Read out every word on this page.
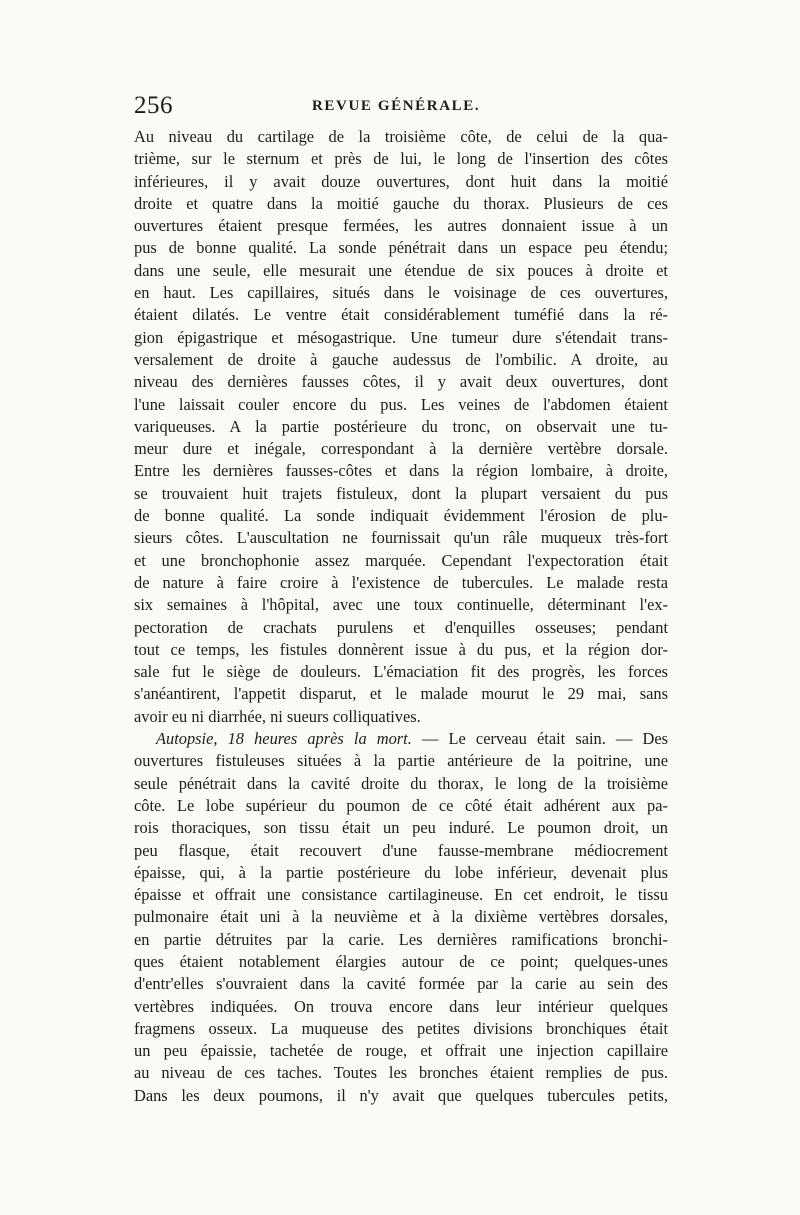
256	REVUE GÉNÉRALE.
Au niveau du cartilage de la troisième côte, de celui de la qua-
trième, sur le sternum et près de lui, le long de l'insertion des côtes
inférieures, il y avait douze ouvertures, dont huit dans la moitié
droite et quatre dans la moitié gauche du thorax. Plusieurs de ces
ouvertures étaient presque fermées, les autres donnaient issue à un
pus de bonne qualité. La sonde pénétrait dans un espace peu étendu;
dans une seule, elle mesurait une étendue de six pouces à droite et
en haut. Les capillaires, situés dans le voisinage de ces ouvertures,
étaient dilatés. Le ventre était considérablement tuméfié dans la ré-
gion épigastrique et mésogastrique. Une tumeur dure s'étendait trans-
versalement de droite à gauche audessus de l'ombilic. A droite, au
niveau des dernières fausses côtes, il y avait deux ouvertures, dont
l'une laissait couler encore du pus. Les veines de l'abdomen étaient
variqueuses. A la partie postérieure du tronc, on observait une tu-
meur dure et inégale, correspondant à la dernière vertèbre dorsale.
Entre les dernières fausses-côtes et dans la région lombaire, à droite,
se trouvaient huit trajets fistuleux, dont la plupart versaient du pus
de bonne qualité. La sonde indiquait évidemment l'érosion de plu-
sieurs côtes. L'auscultation ne fournissait qu'un râle muqueux très-fort
et une bronchophonie assez marquée. Cependant l'expectoration était
de nature à faire croire à l'existence de tubercules. Le malade resta
six semaines à l'hôpital, avec une toux continuelle, déterminant l'ex-
pectoration de crachats purulens et d'enquilles osseuses; pendant
tout ce temps, les fistules donnèrent issue à du pus, et la région dor-
sale fut le siège de douleurs. L'émaciation fit des progrès, les forces
s'anéantirent, l'appetit disparut, et le malade mourut le 29 mai, sans
avoir eu ni diarrhée, ni sueurs colliquatives.
Autopsie, 18 heures après la mort. — Le cerveau était sain. — Des
ouvertures fistuleuses situées à la partie antérieure de la poitrine, une
seule pénétrait dans la cavité droite du thorax, le long de la troisième
côte. Le lobe supérieur du poumon de ce côté était adhérent aux pa-
rois thoraciques, son tissu était un peu induré. Le poumon droit, un
peu flasque, était recouvert d'une fausse-membrane médiocrement
épaisse, qui, à la partie postérieure du lobe inférieur, devenait plus
épaisse et offrait une consistance cartilagineuse. En cet endroit, le tissu
pulmonaire était uni à la neuvième et à la dixième vertèbres dorsales,
en partie détruites par la carie. Les dernières ramifications bronchi-
ques étaient notablement élargies autour de ce point; quelques-unes
d'entr'elles s'ouvraient dans la cavité formée par la carie au sein des
vertèbres indiquées. On trouva encore dans leur intérieur quelques
fragmens osseux. La muqueuse des petites divisions bronchiques était
un peu épaissie, tachetée de rouge, et offrait une injection capillaire
au niveau de ces taches. Toutes les bronches étaient remplies de pus.
Dans les deux poumons, il n'y avait que quelques tubercules petits,
